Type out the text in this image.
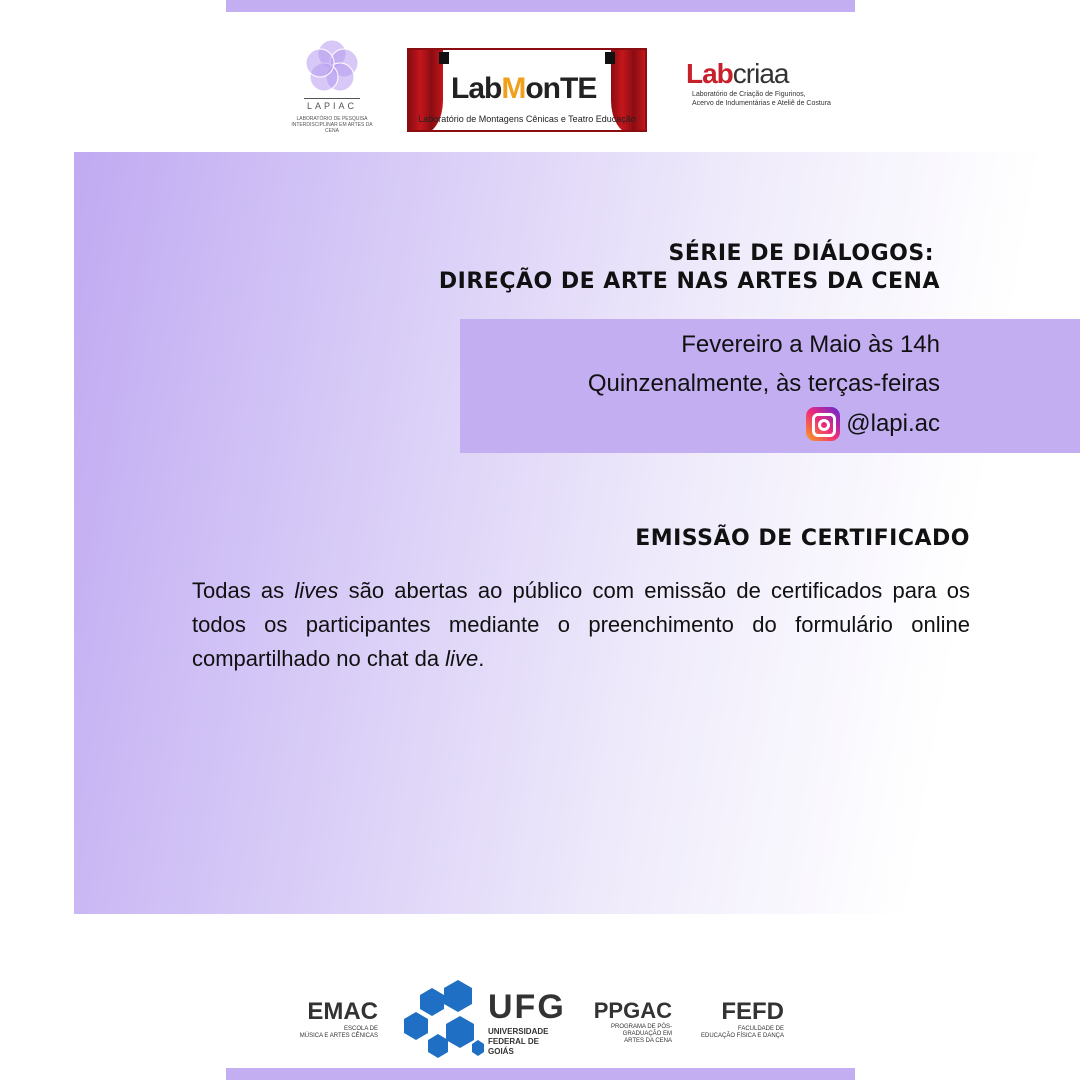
LAPIAC
LABORATÓRIO DE PESQUISA INTERDISCIPLINAR EM ARTES DA CENA
LabMonTE
Laboratório de Montagens Cênicas e Teatro Educação
Labcriaa
Laboratório de Criação de Figurinos,
Acervo de Indumentárias e Ateliê de Costura
SÉRIE DE DIÁLOGOS:
DIREÇÃO DE ARTE NAS ARTES DA CENA
Fevereiro a Maio às 14h
Quinzenalmente, às terças-feiras
@lapi.ac
EMISSÃO DE CERTIFICADO
Todas as lives são abertas ao público com emissão de certificados para os todos os participantes mediante o preenchimento do formulário online compartilhado no chat da live.
EMAC
ESCOLA DE
MÚSICA E ARTES CÊNICAS
UFG
UNIVERSIDADE
FEDERAL DE GOIÁS
PPGAC
PROGRAMA DE PÓS-GRADUAÇÃO EM
ARTES DA CENA
FEFD
FACULDADE DE
EDUCAÇÃO FÍSICA E DANÇA
